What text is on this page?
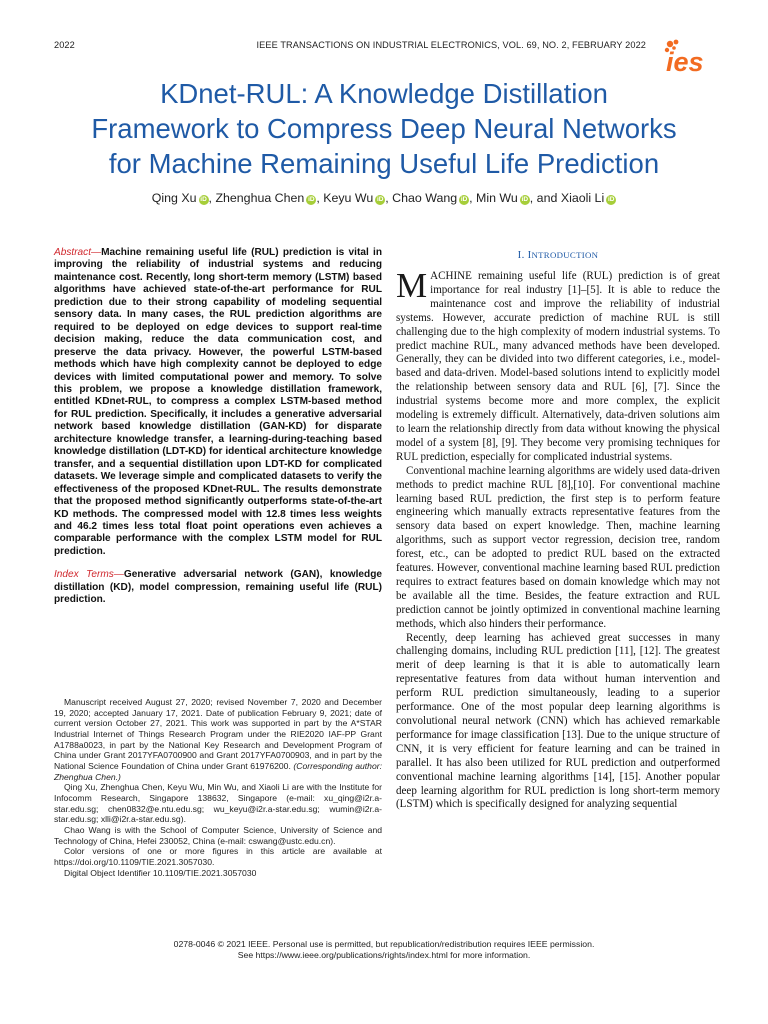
2022	IEEE TRANSACTIONS ON INDUSTRIAL ELECTRONICS, VOL. 69, NO. 2, FEBRUARY 2022
ies
KDnet-RUL: A Knowledge Distillation
Framework to Compress Deep Neural Networks
for Machine Remaining Useful Life Prediction
Qing Xu iD , Zhenghua Chen iD , Keyu Wu iD , Chao Wang iD , Min Wu iD , and Xiaoli Li iD
Abstract—Machine remaining useful life (RUL) prediction is vital in improving the reliability of industrial systems and reducing maintenance cost. Recently, long short-term memory (LSTM) based algorithms have achieved state-of-the-art performance for RUL prediction due to their strong capability of modeling sequential sensory data. In many cases, the RUL prediction algorithms are required to be deployed on edge devices to support real-time decision making, reduce the data communication cost, and preserve the data privacy. However, the powerful LSTM-based methods which have high complexity cannot be deployed to edge devices with limited computational power and memory. To solve this problem, we propose a knowledge distillation framework, entitled KDnet-RUL, to compress a complex LSTM-based method for RUL prediction. Specifically, it includes a generative adversarial network based knowledge distillation (GAN-KD) for disparate architecture knowledge transfer, a learning-during-teaching based knowledge distillation (LDT-KD) for identical architecture knowledge transfer, and a sequential distillation upon LDT-KD for complicated datasets. We leverage simple and complicated datasets to verify the effectiveness of the proposed KDnet-RUL. The results demonstrate that the proposed method significantly outperforms state-of-the-art KD methods. The compressed model with 12.8 times less weights and 46.2 times less total float point operations even achieves a comparable performance with the complex LSTM model for RUL prediction.
Index Terms—Generative adversarial network (GAN), knowledge distillation (KD), model compression, remaining useful life (RUL) prediction.

Manuscript received August 27, 2020; revised November 7, 2020 and December 19, 2020; accepted January 17, 2021. Date of publication February 9, 2021; date of current version October 27, 2021. This work was supported in part by the A*STAR Industrial Internet of Things Research Program under the RIE2020 IAF-PP Grant A1788a0023, in part by the National Key Research and Development Program of China under Grant 2017YFA0700900 and Grant 2017YFA0700903, and in part by the National Science Foundation of China under Grant 61976200. (Corresponding author: Zhenghua Chen.)

Qing Xu, Zhenghua Chen, Keyu Wu, Min Wu, and Xiaoli Li are with the Institute for Infocomm Research, Singapore 138632, Singapore (e-mail: xu_qing@i2r.a-star.edu.sg; chen0832@e.ntu.edu.sg; wu_keyu@i2r.a-star.edu.sg; wumin@i2r.a-star.edu.sg; xlli@i2r.a-star.edu.sg).

Chao Wang is with the School of Computer Science, University of Science and Technology of China, Hefei 230052, China (e-mail: cswang@ustc.edu.cn).

Color versions of one or more figures in this article are available at https://doi.org/10.1109/TIE.2021.3057030.

Digital Object Identifier 10.1109/TIE.2021.3057030

I. INTRODUCTION

MACHINE remaining useful life (RUL) prediction is of great importance for real industry [1]–[5]. It is able to reduce the maintenance cost and improve the reliability of industrial systems. However, accurate prediction of machine RUL is still challenging due to the high complexity of modern industrial systems. To predict machine RUL, many advanced methods have been developed. Generally, they can be divided into two different categories, i.e., model-based and data-driven. Model-based solutions intend to explicitly model the relationship between sensory data and RUL [6], [7]. Since the industrial systems become more and more complex, the explicit modeling is extremely difficult. Alternatively, data-driven solutions aim to learn the relationship directly from data without knowing the physical model of a system [8], [9]. They become very promising techniques for RUL prediction, especially for complicated industrial systems.

Conventional machine learning algorithms are widely used data-driven methods to predict machine RUL [8],[10]. For conventional machine learning based RUL prediction, the first step is to perform feature engineering which manually extracts representative features from the sensory data based on expert knowledge. Then, machine learning algorithms, such as support vector regression, decision tree, random forest, etc., can be adopted to predict RUL based on the extracted features. However, conventional machine learning based RUL prediction requires to extract features based on domain knowledge which may not be available all the time. Besides, the feature extraction and RUL prediction cannot be jointly optimized in conventional machine learning methods, which also hinders their performance.

Recently, deep learning has achieved great successes in many challenging domains, including RUL prediction [11], [12]. The greatest merit of deep learning is that it is able to automatically learn representative features from data without human intervention and perform RUL prediction simultaneously, leading to a superior performance. One of the most popular deep learning algorithms is convolutional neural network (CNN) which has achieved remarkable performance for image classification [13]. Due to the unique structure of CNN, it is very efficient for feature learning and can be trained in parallel. It has also been utilized for RUL prediction and outperformed conventional machine learning algorithms [14], [15]. Another popular deep learning algorithm for RUL prediction is long short-term memory (LSTM) which is specifically designed for analyzing sequential

0278-0046 © 2021 IEEE. Personal use is permitted, but republication/redistribution requires IEEE permission.
See https://www.ieee.org/publications/rights/index.html for more information.
